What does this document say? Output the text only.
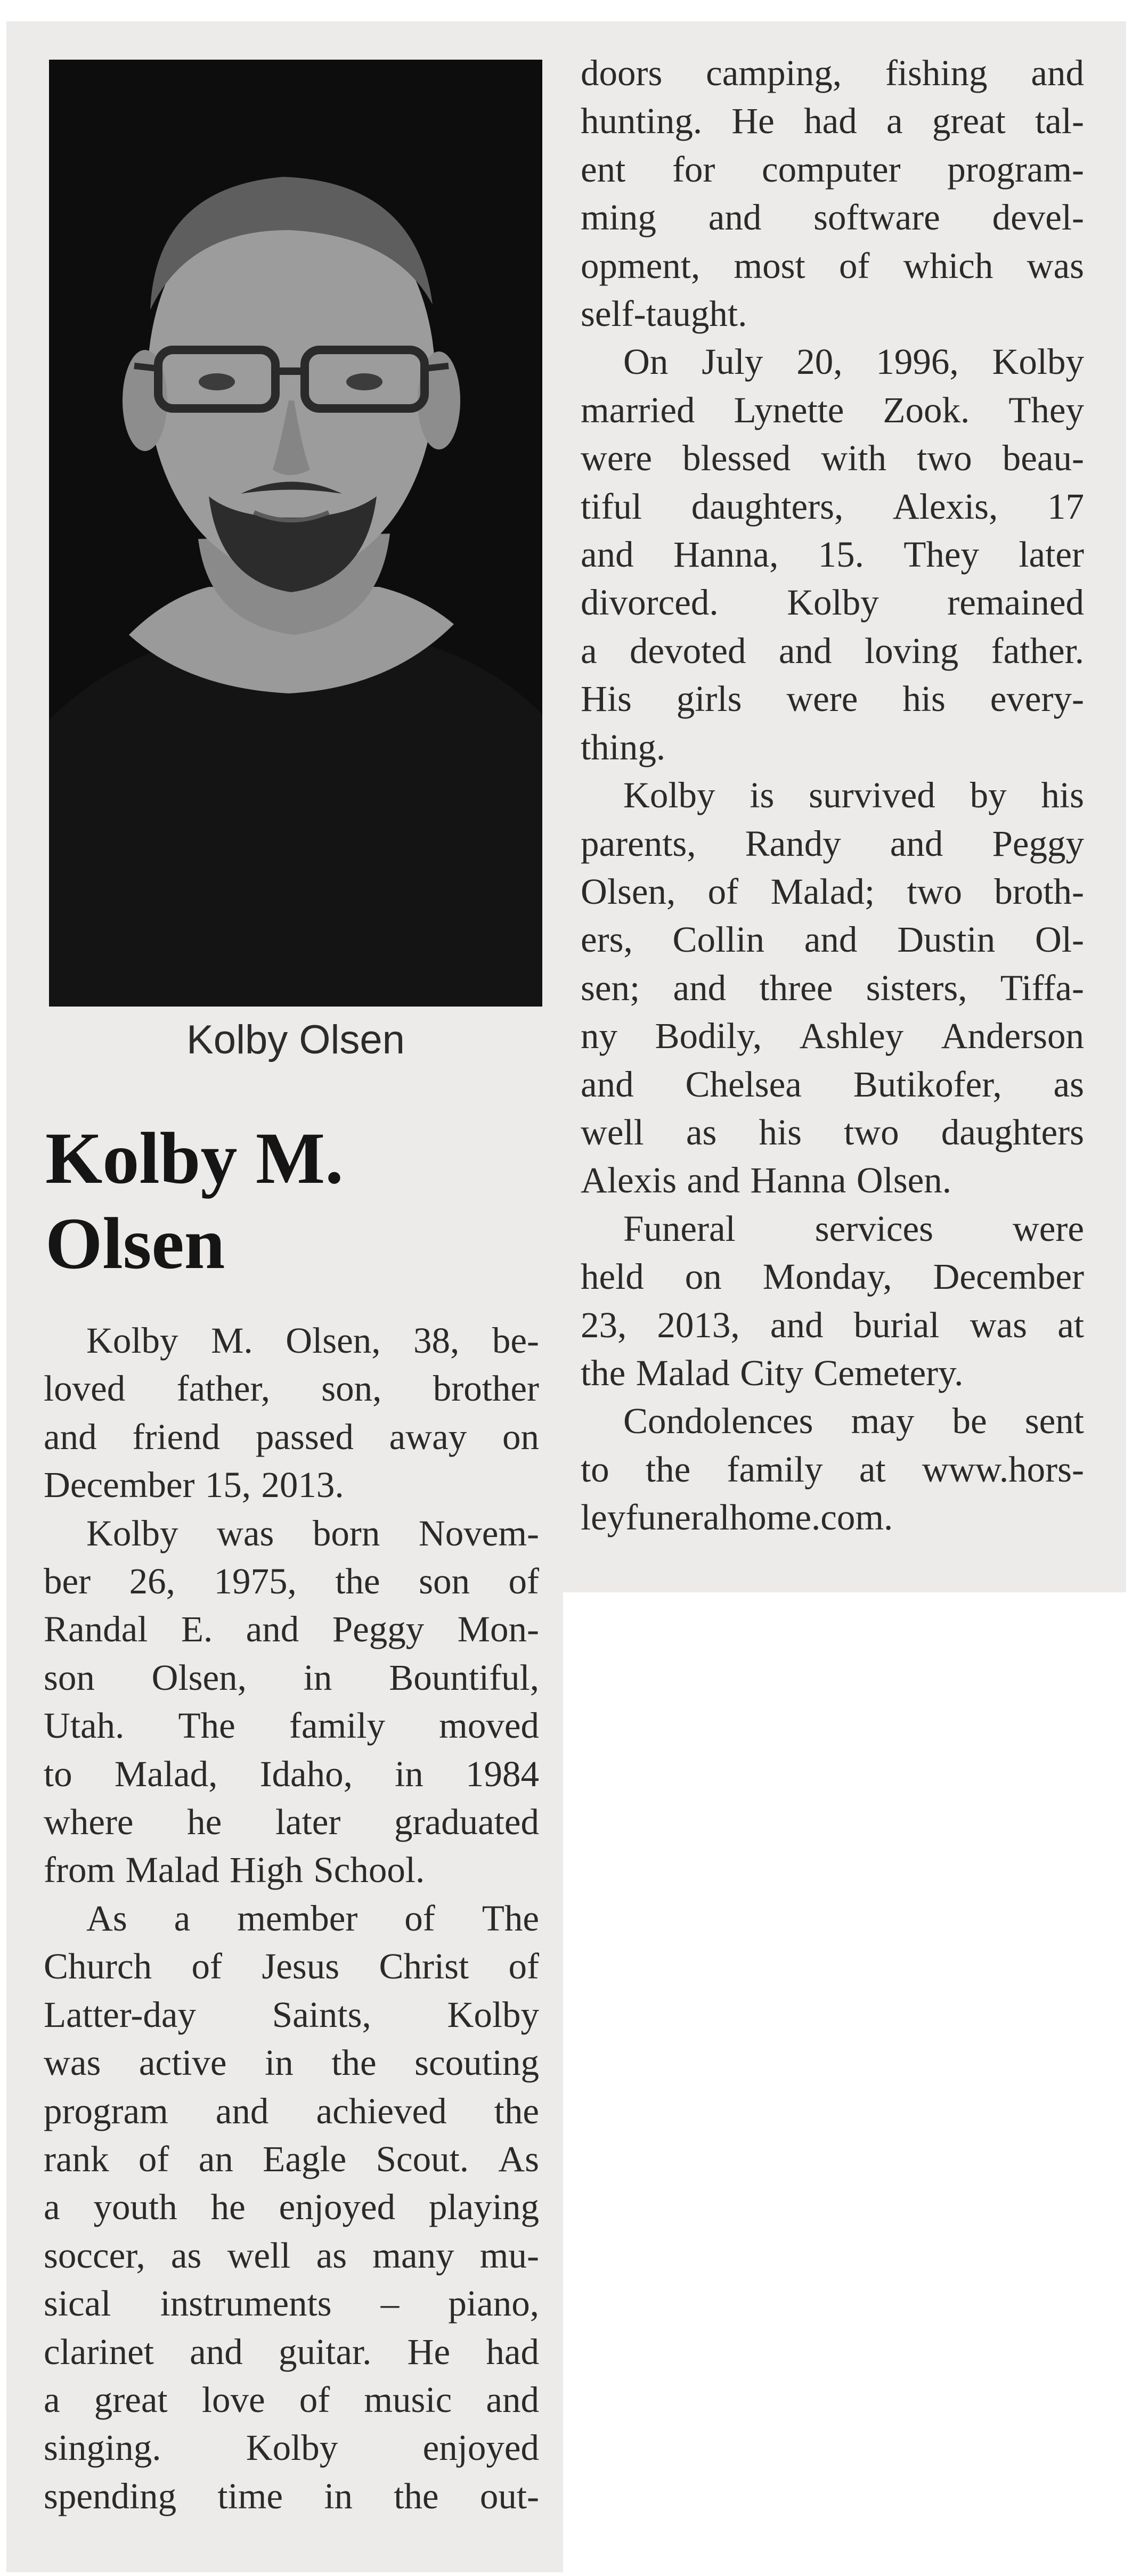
Kolby Olsen
Kolby M.
Olsen
Kolby M. Olsen, 38, be-
loved father, son, brother
and friend passed away on
December 15, 2013.
Kolby was born Novem-
ber 26, 1975, the son of
Randal E. and Peggy Mon-
son Olsen, in Bountiful,
Utah. The family moved
to Malad, Idaho, in 1984
where he later graduated
from Malad High School.
As a member of The
Church of Jesus Christ of
Latter-day Saints, Kolby
was active in the scouting
program and achieved the
rank of an Eagle Scout. As
a youth he enjoyed playing
soccer, as well as many mu-
sical instruments – piano,
clarinet and guitar. He had
a great love of music and
singing. Kolby enjoyed
spending time in the out-
doors camping, fishing and
hunting. He had a great tal-
ent for computer program-
ming and software devel-
opment, most of which was
self-taught.
On July 20, 1996, Kolby
married Lynette Zook. They
were blessed with two beau-
tiful daughters, Alexis, 17
and Hanna, 15. They later
divorced. Kolby remained
a devoted and loving father.
His girls were his every-
thing.
Kolby is survived by his
parents, Randy and Peggy
Olsen, of Malad; two broth-
ers, Collin and Dustin Ol-
sen; and three sisters, Tiffa-
ny Bodily, Ashley Anderson
and Chelsea Butikofer, as
well as his two daughters
Alexis and Hanna Olsen.
Funeral services were
held on Monday, December
23, 2013, and burial was at
the Malad City Cemetery.
Condolences may be sent
to the family at www.hors-
leyfuneralhome.com.
